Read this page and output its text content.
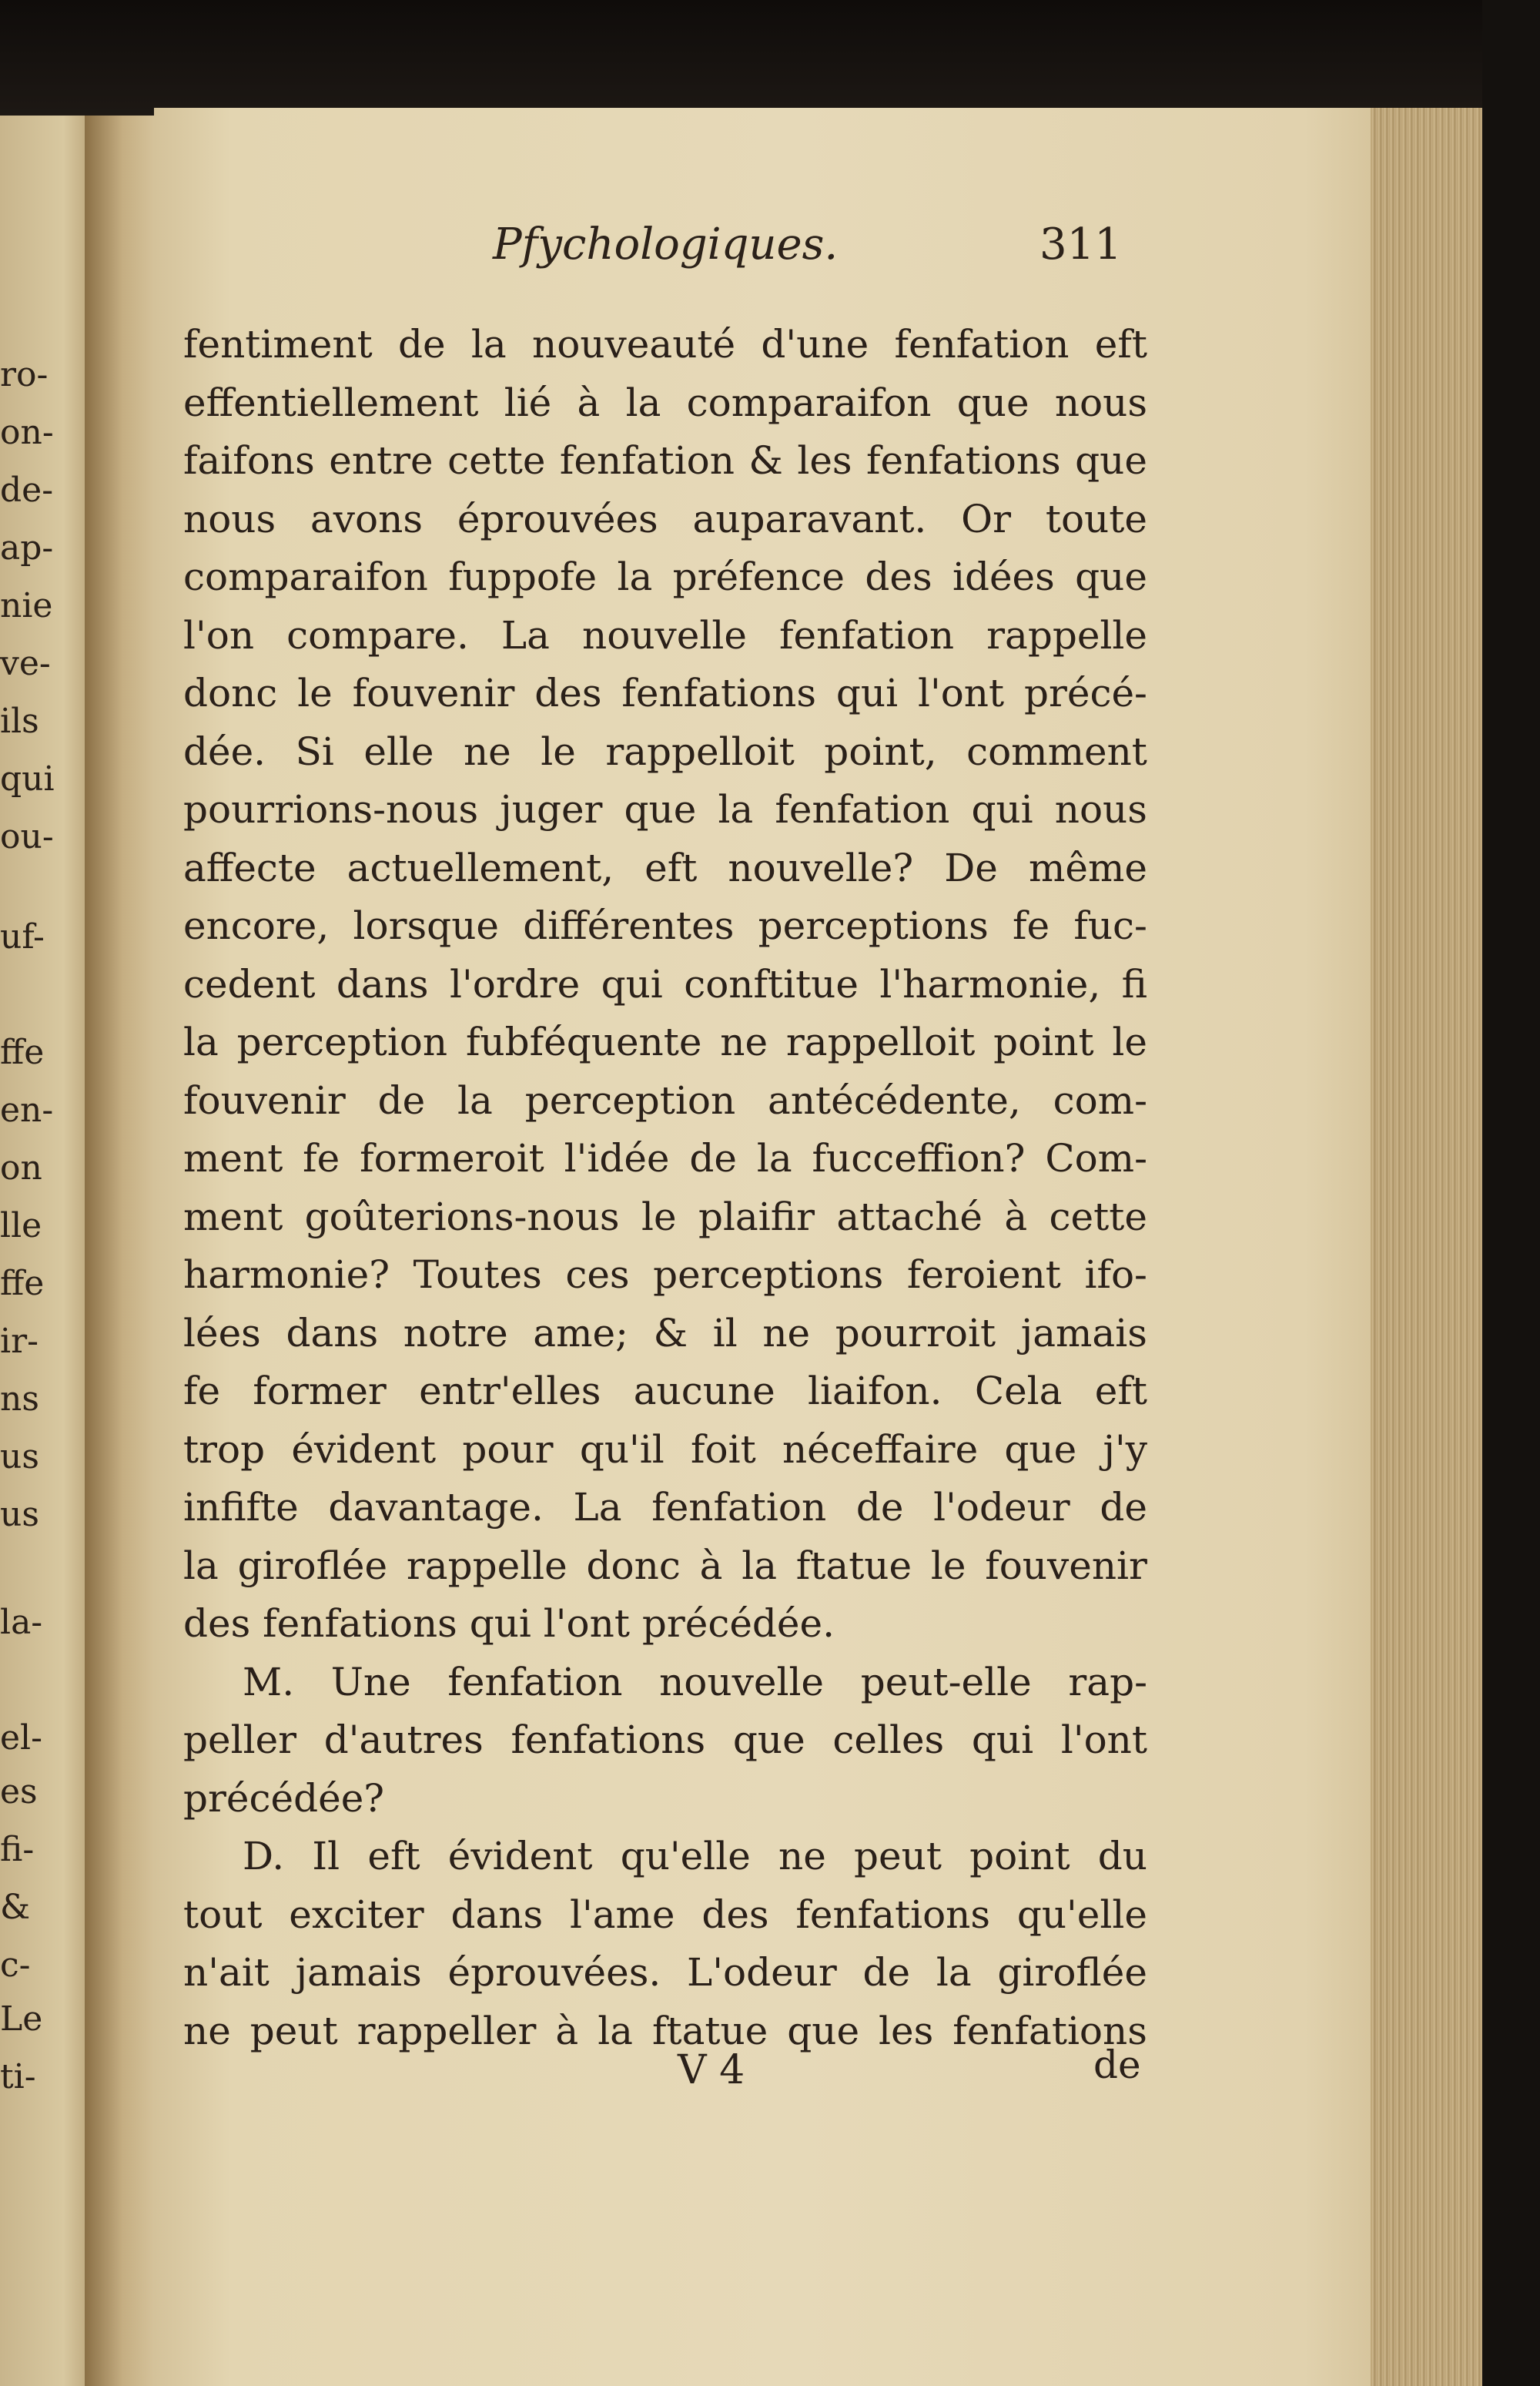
ro-
on-
de-
ap-
nie
ve-
ils
qui
ou-
uf-
ffe
en-
on
lle
ffe
ir-
ns
us
us
la-
el-
es
fi-
&
c-
Le
ti-
Pfychologiques.	311
fentiment de la nouveauté d'une fenfation eft
effentiellement lié à la comparaifon que nous
faifons entre cette fenfation & les fenfations que
nous avons éprouvées auparavant. Or toute
comparaifon fuppofe la préfence des idées que
l'on compare. La nouvelle fenfation rappelle
donc le fouvenir des fenfations qui l'ont précé-
dée. Si elle ne le rappelloit point, comment
pourrions-nous juger que la fenfation qui nous
affecte actuellement, eft nouvelle? De même
encore, lorsque différentes perceptions fe fuc-
cedent dans l'ordre qui conftitue l'harmonie, fi
la perception fubféquente ne rappelloit point le
fouvenir de la perception antécédente, com-
ment fe formeroit l'idée de la fucceffion? Com-
ment goûterions-nous le plaifir attaché à cette
harmonie? Toutes ces perceptions feroient ifo-
lées dans notre ame; & il ne pourroit jamais
fe former entr'elles aucune liaifon. Cela eft
trop évident pour qu'il foit néceffaire que j'y
infifte davantage. La fenfation de l'odeur de
la giroflée rappelle donc à la ftatue le fouvenir
des fenfations qui l'ont précédée.
M. Une fenfation nouvelle peut-elle rap-
peller d'autres fenfations que celles qui l'ont
précédée?
D. Il eft évident qu'elle ne peut point du
tout exciter dans l'ame des fenfations qu'elle
n'ait jamais éprouvées. L'odeur de la giroflée
ne peut rappeller à la ftatue que les fenfations
V 4	de
